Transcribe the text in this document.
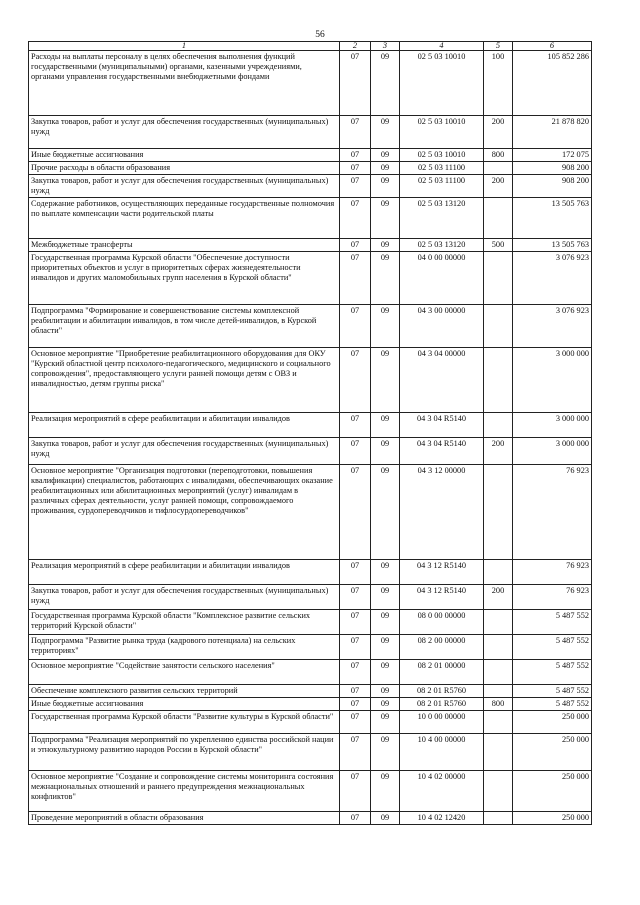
56
1	2	3	4	5	6
Расходы на выплаты персоналу в целях обеспечения выполнения функций государственными (муниципальными) органами, казенными учреждениями, органами управления государственными внебюджетными фондами	07	09	02 5 03 10010	100	105 852 286
Закупка товаров, работ и услуг для обеспечения государственных (муниципальных) нужд	07	09	02 5 03 10010	200	21 878 820
Иные бюджетные ассигнования	07	09	02 5 03 10010	800	172 075
Прочие расходы в области образования	07	09	02 5 03 11100		908 200
Закупка товаров, работ и услуг для обеспечения государственных (муниципальных) нужд	07	09	02 5 03 11100	200	908 200
Содержание работников, осуществляющих переданные государственные полномочия по выплате компенсации части родительской платы	07	09	02 5 03 13120		13 505 763
Межбюджетные трансферты	07	09	02 5 03 13120	500	13 505 763
Государственная программа Курской области "Обеспечение доступности приоритетных объектов и услуг в приоритетных сферах жизнедеятельности инвалидов и других маломобильных групп населения в Курской области"	07	09	04 0 00 00000		3 076 923
Подпрограмма "Формирование и совершенствование системы комплексной реабилитации и абилитации инвалидов, в том числе детей-инвалидов, в Курской области"	07	09	04 3 00 00000		3 076 923
Основное мероприятие "Приобретение реабилитационного оборудования для ОКУ "Курский областной центр психолого-педагогического, медицинского и социального сопровождения", предоставляющего услуги ранней помощи детям с ОВЗ и инвалидностью, детям группы риска"	07	09	04 3 04 00000		3 000 000
Реализация мероприятий в сфере реабилитации и абилитации инвалидов	07	09	04 3 04 R5140		3 000 000
Закупка товаров, работ и услуг для обеспечения государственных (муниципальных) нужд	07	09	04 3 04 R5140	200	3 000 000
Основное мероприятие "Организация подготовки (переподготовки, повышения квалификации) специалистов, работающих с инвалидами, обеспечивающих оказание реабилитационных или абилитационных мероприятий (услуг) инвалидам в различных сферах деятельности, услуг ранней помощи, сопровождаемого проживания, сурдопереводчиков и тифлосурдопереводчиков"	07	09	04 3 12 00000		76 923
Реализация мероприятий в сфере реабилитации и абилитации инвалидов	07	09	04 3 12 R5140		76 923
Закупка товаров, работ и услуг для обеспечения государственных (муниципальных) нужд	07	09	04 3 12 R5140	200	76 923
Государственная программа Курской области "Комплексное развитие сельских территорий Курской области"	07	09	08 0 00 00000		5 487 552
Подпрограмма "Развитие рынка труда (кадрового потенциала) на сельских территориях"	07	09	08 2 00 00000		5 487 552
Основное мероприятие "Содействие занятости сельского населения"	07	09	08 2 01 00000		5 487 552
Обеспечение комплексного развития сельских территорий	07	09	08 2 01 R5760		5 487 552
Иные бюджетные ассигнования	07	09	08 2 01 R5760	800	5 487 552
Государственная программа Курской области "Развитие культуры в Курской области"	07	09	10 0 00 00000		250 000
Подпрограмма "Реализация мероприятий по укреплению единства российской нации и этнокультурному развитию народов России в Курской области"	07	09	10 4 00 00000		250 000
Основное мероприятие "Создание и сопровождение системы мониторинга состояния межнациональных отношений и раннего предупреждения межнациональных конфликтов"	07	09	10 4 02 00000		250 000
Проведение мероприятий в области образования	07	09	10 4 02 12420		250 000
